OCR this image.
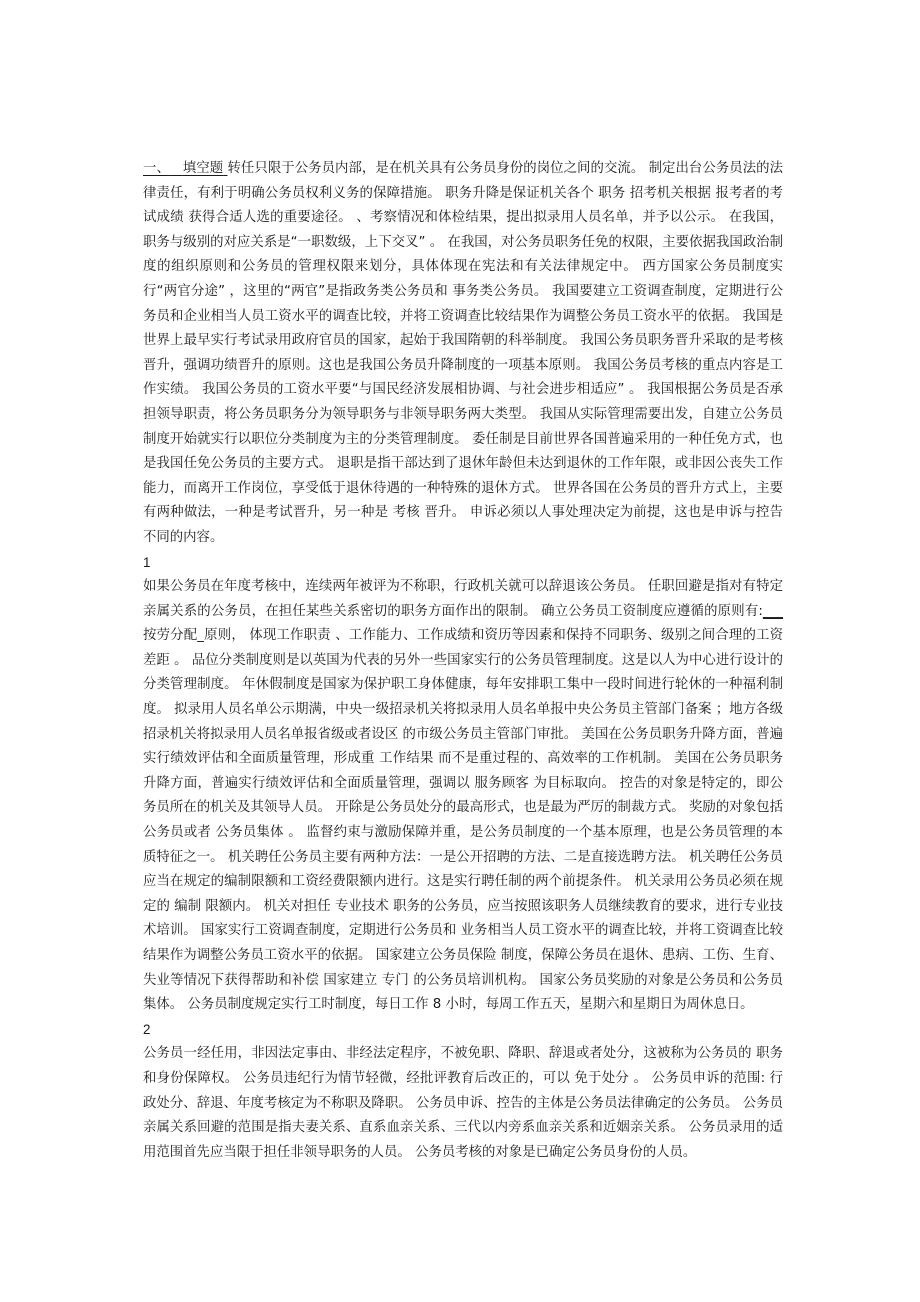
一、 填空题 转任只限于公务员内部，是在机关具有公务员身份的岗位之间的交流。 制定出台公务员法的法律责任，有利于明确公务员权利义务的保障措施。 职务升降是保证机关各个 职务 招考机关根据 报考者的考试成绩 获得合适人选的重要途径。 、考察情况和体检结果，提出拟录用人员名单，并予以公示。 在我国，职务与级别的对应关系是“一职数级，上下交叉” 。 在我国，对公务员职务任免的权限，主要依据我国政治制度的组织原则和公务员的管理权限来划分，具体体现在宪法和有关法律规定中。 西方国家公务员制度实行“两官分途” ，这里的“两官”是指政务类公务员和 事务类公务员。 我国要建立工资调查制度，定期进行公务员和企业相当人员工资水平的调查比较，并将工资调查比较结果作为调整公务员工资水平的依据。 我国是世界上最早实行考试录用政府官员的国家，起始于我国隋朝的科举制度。 我国公务员职务晋升采取的是考核晋升，强调功绩晋升的原则。这也是我国公务员升降制度的一项基本原则。 我国公务员考核的重点内容是工作实绩。 我国公务员的工资水平要“与国民经济发展相协调、与社会进步相适应” 。 我国根据公务员是否承担领导职责，将公务员职务分为领导职务与非领导职务两大类型。 我国从实际管理需要出发，自建立公务员制度开始就实行以职位分类制度为主的分类管理制度。 委任制是目前世界各国普遍采用的一种任免方式，也是我国任免公务员的主要方式。 退职是指干部达到了退休年龄但未达到退休的工作年限，或非因公丧失工作能力，而离开工作岗位，享受低于退休待遇的一种特殊的退休方式。 世界各国在公务员的晋升方式上，主要有两种做法，一种是考试晋升，另一种是 考核 晋升。 申诉必须以人事处理决定为前提，这也是申诉与控告不同的内容。

1

如果公务员在年度考核中，连续两年被评为不称职，行政机关就可以辞退该公务员。 任职回避是指对有特定亲属关系的公务员，在担任某些关系密切的职务方面作出的限制。 确立公务员工资制度应遵循的原则有:___按劳分配_原则， 体现工作职责 、工作能力、工作成绩和资历等因素和保持不同职务、级别之间合理的工资 差距 。 品位分类制度则是以英国为代表的另外一些国家实行的公务员管理制度。这是以人为中心进行设计的分类管理制度。 年休假制度是国家为保护职工身体健康，每年安排职工集中一段时间进行轮休的一种福利制度。 拟录用人员名单公示期满，中央一级招录机关将拟录用人员名单报中央公务员主管部门备案 ；地方各级招录机关将拟录用人员名单报省级或者设区 的市级公务员主管部门审批。 美国在公务员职务升降方面，普遍实行绩效评估和全面质量管理，形成重 工作结果 而不是重过程的、高效率的工作机制。 美国在公务员职务升降方面，普遍实行绩效评估和全面质量管理，强调以 服务顾客 为目标取向。 控告的对象是特定的，即公务员所在的机关及其领导人员。 开除是公务员处分的最高形式，也是最为严厉的制裁方式。 奖励的对象包括公务员或者 公务员集体 。 监督约束与激励保障并重，是公务员制度的一个基本原理，也是公务员管理的本质特征之一。 机关聘任公务员主要有两种方法：一是公开招聘的方法、二是直接选聘方法。 机关聘任公务员应当在规定的编制限额和工资经费限额内进行。这是实行聘任制的两个前提条件。 机关录用公务员必须在规定的 编制 限额内。 机关对担任 专业技术 职务的公务员，应当按照该职务人员继续教育的要求，进行专业技术培训。 国家实行工资调查制度，定期进行公务员和 业务相当人员工资水平的调查比较，并将工资调查比较结果作为调整公务员工资水平的依据。 国家建立公务员保险 制度，保障公务员在退休、患病、工伤、生育、失业等情况下获得帮助和补偿 国家建立 专门 的公务员培训机构。 国家公务员奖励的对象是公务员和公务员集体。 公务员制度规定实行工时制度，每日工作 8 小时，每周工作五天，星期六和星期日为周休息日。

2

公务员一经任用，非因法定事由、非经法定程序，不被免职、降职、辞退或者处分，这被称为公务员的 职务和身份保障权。 公务员违纪行为情节轻微，经批评教育后改正的，可以 免于处分 。 公务员申诉的范围: 行政处分、辞退、年度考核定为不称职及降职。 公务员申诉、控告的主体是公务员法律确定的公务员。 公务员亲属关系回避的范围是指夫妻关系、直系血亲关系、三代以内旁系血亲关系和近姻亲关系。 公务员录用的适用范围首先应当限于担任非领导职务的人员。 公务员考核的对象是已确定公务员身份的人员。
